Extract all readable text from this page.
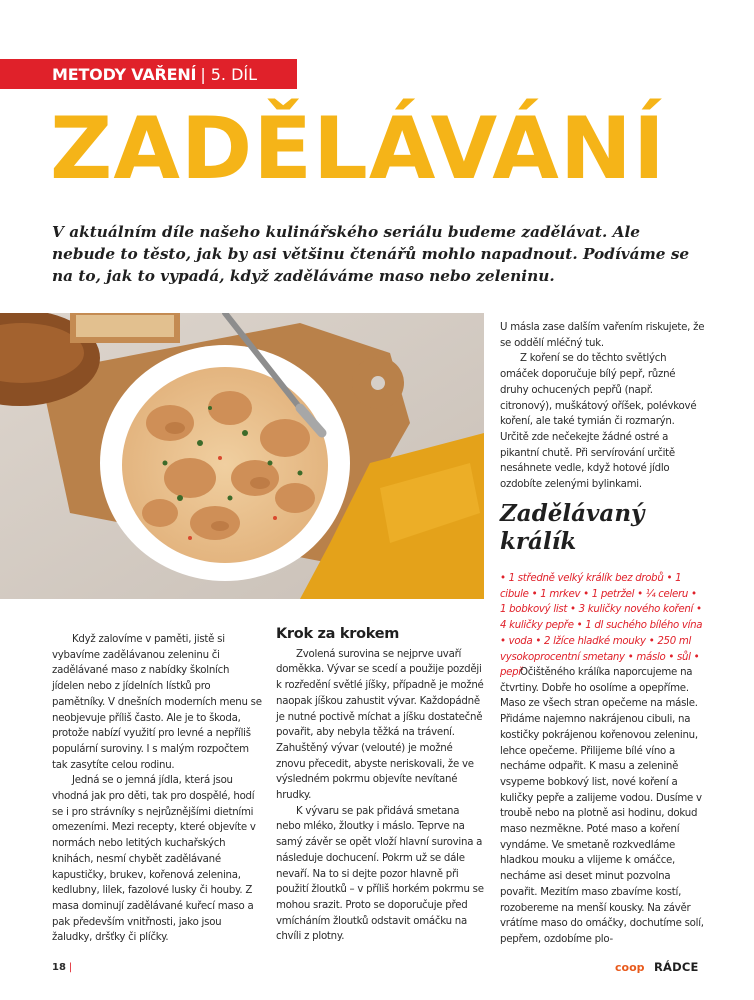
METODY VAŘENÍ | 5. DÍL
ZADĚLÁVÁNÍ

V aktuálním díle našeho kulinářského seriálu budeme zadělávat. Ale nebude to těsto, jak by asi většinu čtenářů mohlo napadnout. Podíváme se na to, jak to vypadá, když zaděláváme maso nebo zeleninu.

Když zalovíme v paměti, jistě si vybavíme zadělávanou zeleninu či zadělávané maso z nabídky školních jídelen nebo z jídelních lístků pro pamětníky. V dnešních moderních menu se neobjevuje příliš často. Ale je to škoda, protože nabízí využití pro levné a nepříliš populární suroviny. I s malým rozpočtem tak zasytíte celou rodinu.

Jedná se o jemná jídla, která jsou vhodná jak pro děti, tak pro dospělé, hodí se i pro strávníky s nejrůznějšími dietními omezeními. Mezi recepty, které objevíte v normách nebo letitých kuchařských knihách, nesmí chybět zadělávané kapustičky, brukev, kořenová zelenina, kedlubny, lilek, fazolové lusky či houby. Z masa dominují zadělávané kuřecí maso a pak především vnitřnosti, jako jsou žaludky, dršťky či plíčky.

Krok za krokem

Zvolená surovina se nejprve uvaří doměkka. Vývar se scedí a použije později k rozředění světlé jíšky, případně je možné naopak jíškou zahustit vývar. Každopádně je nutné poctivě míchat a jíšku dostatečně povařit, aby nebyla těžká na trávení. Zahuštěný vývar (velouté) je možné znovu přecedit, abyste neriskovali, že ve výsledném pokrmu objevíte nevítané hrudky.

K vývaru se pak přidává smetana nebo mléko, žloutky i máslo. Teprve na samý závěr se opět vloží hlavní surovina a následuje dochucení. Pokrm už se dále nevaří. Na to si dejte pozor hlavně při použití žloutků – v příliš horkém pokrmu se mohou srazit. Proto se doporučuje před vmícháním žloutků odstavit omáčku na chvíli z plotny.

U másla zase dalším vařením riskujete, že se oddělí mléčný tuk.

Z koření se do těchto světlých omáček doporučuje bílý pepř, různé druhy ochucených pepřů (např. citronový), muškátový oříšek, polévkové koření, ale také tymián či rozmarýn. Určitě zde nečekejte žádné ostré a pikantní chutě. Při servírování určitě nesáhnete vedle, když hotové jídlo ozdobíte zelenými bylinkami.

Zadělávaný
králík

• 1 středně velký králík bez drobů • 1 cibule • 1 mrkev • 1 petržel • ¼ celeru • 1 bobkový list • 3 kuličky nového koření • 4 kuličky pepře • 1 dl suchého bílého vína • voda • 2 lžíce hladké mouky • 250 ml vysokoprocentní smetany • máslo • sůl • pepř

Očištěného králíka naporcujeme na čtvrtiny. Dobře ho osolíme a opepříme. Maso ze všech stran opečeme na másle. Přidáme najemno nakrájenou cibuli, na kostičky pokrájenou kořenovou zeleninu, lehce opečeme. Přilijeme bílé víno a necháme odpařit. K masu a zelenině vsypeme bobkový list, nové koření a kuličky pepře a zalijeme vodou. Dusíme v troubě nebo na plotně asi hodinu, dokud maso nezměkne. Poté maso a koření vyndáme. Ve smetaně rozkvedláme hladkou mouku a vlijeme k omáčce, necháme asi deset minut pozvolna povařit. Mezitím maso zbavíme kostí, rozobereme na menší kousky. Na závěr vrátíme maso do omáčky, dochutíme solí, pepřem, ozdobíme plo-

18 |	coop RÁDCE
